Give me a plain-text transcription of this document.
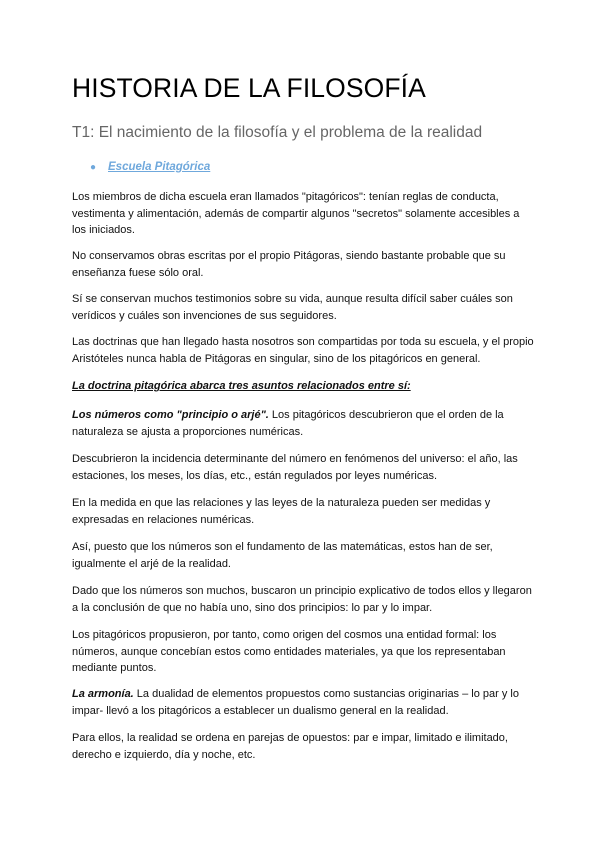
HISTORIA DE LA FILOSOFÍA
T1: El nacimiento de la filosofía y el problema de la realidad
● Escuela Pitagórica
Los miembros de dicha escuela eran llamados "pitagóricos": tenían reglas de conducta, vestimenta y alimentación, además de compartir algunos "secretos" solamente accesibles a los iniciados.
No conservamos obras escritas por el propio Pitágoras, siendo bastante probable que su enseñanza fuese sólo oral.
Sí se conservan muchos testimonios sobre su vida, aunque resulta difícil saber cuáles son verídicos y cuáles son invenciones de sus seguidores.
Las doctrinas que han llegado hasta nosotros son compartidas por toda su escuela, y el propio Aristóteles nunca habla de Pitágoras en singular, sino de los pitagóricos en general.
La doctrina pitagórica abarca tres asuntos relacionados entre sí:
Los números como "principio o arjé". Los pitagóricos descubrieron que el orden de la naturaleza se ajusta a proporciones numéricas.
Descubrieron la incidencia determinante del número en fenómenos del universo: el año, las estaciones, los meses, los días, etc., están regulados por leyes numéricas.
En la medida en que las relaciones y las leyes de la naturaleza pueden ser medidas y expresadas en relaciones numéricas.
Así, puesto que los números son el fundamento de las matemáticas, estos han de ser, igualmente el arjé de la realidad.
Dado que los números son muchos, buscaron un principio explicativo de todos ellos y llegaron a la conclusión de que no había uno, sino dos principios: lo par y lo impar.
Los pitagóricos propusieron, por tanto, como origen del cosmos una entidad formal: los números, aunque concebían estos como entidades materiales, ya que los representaban mediante puntos.
La armonía. La dualidad de elementos propuestos como sustancias originarias – lo par y lo impar- llevó a los pitagóricos a establecer un dualismo general en la realidad.
Para ellos, la realidad se ordena en parejas de opuestos: par e impar, limitado e ilimitado, derecho e izquierdo, día y noche, etc.
